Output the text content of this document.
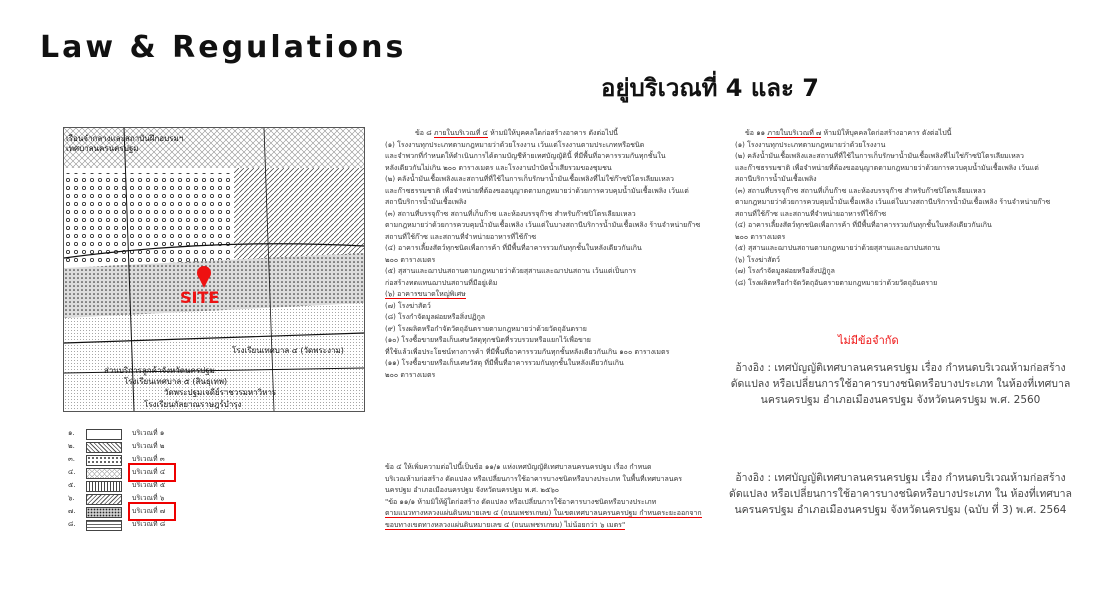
Law & Regulations
อยู่บริเวณที่ 4 และ 7
SITE
เรือนจำกลางและสถาบันฝึกอบรมฯ
เทศบาลนครนครปฐม
โรงเรียนเทศบาล ๔ (วัดพระงาม)
ส่วนบริการลูกค้าจังหวัดนครปฐม
โรงเรียนเทศบาล ๕ (สินธุเทพ)
วัดพระปฐมเจดีย์ราชวรมหาวิหาร
โรงเรียนกัลยาณราษฎร์บำรุง
๑.	บริเวณที่ ๑
๒.	บริเวณที่ ๒
๓.	บริเวณที่ ๓
๔.	บริเวณที่ ๔
๕.	บริเวณที่ ๕
๖.	บริเวณที่ ๖
๗.	บริเวณที่ ๗
๘.	บริเวณที่ ๘

ข้อ ๘ ภายในบริเวณที่ ๔ ห้ามมิให้บุคคลใดก่อสร้างอาคาร ดังต่อไปนี้

(๑) โรงงานทุกประเภทตามกฎหมายว่าด้วยโรงงาน เว้นแต่โรงงานตามประเภทหรือชนิด

และจำพวกที่กำหนดให้ดำเนินการได้ตามบัญชีท้ายเทศบัญญัตินี้ ที่มีพื้นที่อาคารรวมกันทุกชั้นใน

หลังเดียวกันไม่เกิน ๒๐๐ ตารางเมตร และโรงงานบำบัดน้ำเสียรวมของชุมชน

(๒) คลังน้ำมันเชื้อเพลิงและสถานที่ที่ใช้ในการเก็บรักษาน้ำมันเชื้อเพลิงที่ไม่ใช่ก๊าซปิโตรเลียมเหลว

และก๊าซธรรมชาติ เพื่อจำหน่ายที่ต้องขออนุญาตตามกฎหมายว่าด้วยการควบคุมน้ำมันเชื้อเพลิง เว้นแต่

สถานีบริการน้ำมันเชื้อเพลิง

(๓) สถานที่บรรจุก๊าซ สถานที่เก็บก๊าซ และห้องบรรจุก๊าซ สำหรับก๊าซปิโตรเลียมเหลว

ตามกฎหมายว่าด้วยการควบคุมน้ำมันเชื้อเพลิง เว้นแต่ในบางสถานีบริการน้ำมันเชื้อเพลิง ร้านจำหน่ายก๊าซ

สถานที่ใช้ก๊าซ และสถานที่จำหน่ายอาหารที่ใช้ก๊าซ

(๔) อาคารเลี้ยงสัตว์ทุกชนิดเพื่อการค้า ที่มีพื้นที่อาคารรวมกันทุกชั้นในหลังเดียวกันเกิน

๒๐๐ ตารางเมตร

(๕) สุสานและฌาปนสถานตามกฎหมายว่าด้วยสุสานและฌาปนสถาน เว้นแต่เป็นการ

ก่อสร้างทดแทนฌาปนสถานที่มีอยู่เดิม

(๖) อาคารขนาดใหญ่พิเศษ

(๗) โรงฆ่าสัตว์

(๘) โรงกำจัดมูลฝอยหรือสิ่งปฏิกูล

(๙) โรงผลิตหรือกำจัดวัตถุอันตรายตามกฎหมายว่าด้วยวัตถุอันตราย

(๑๐) โรงซื้อขายหรือเก็บเศษวัสดุทุกชนิดที่รวบรวมหรือแยกไว้เพื่อขาย

ที่ใช้แล้วเพื่อประโยชน์ทางการค้า ที่มีพื้นที่อาคารรวมกันทุกชั้นหลังเดียวกันเกิน ๑๐๐ ตารางเมตร

(๑๑) โรงซื้อขายหรือเก็บเศษวัสดุ ที่มีพื้นที่อาคารรวมกันทุกชั้นในหลังเดียวกันเกิน

๒๐๐ ตารางเมตร

ข้อ ๔ ให้เพิ่มความต่อไปนี้เป็นข้อ ๑๑/๑ แห่งเทศบัญญัติเทศบาลนครนครปฐม เรื่อง กำหนด

บริเวณห้ามก่อสร้าง ดัดแปลง หรือเปลี่ยนการใช้อาคารบางชนิดหรือบางประเภท ในพื้นที่เทศบาลนคร

นครปฐม อำเภอเมืองนครปฐม จังหวัดนครปฐม พ.ศ. ๒๕๖๐

"ข้อ ๑๑/๑ ห้ามมิให้ผู้ใดก่อสร้าง ดัดแปลง หรือเปลี่ยนการใช้อาคารบางชนิดหรือบางประเภท

ตามแนวทางหลวงแผ่นดินหมายเลข ๔ (ถนนเพชรเกษม) ในเขตเทศบาลนครนครปฐม กำหนดระยะออกจาก

ขอบทางเขตทางหลวงแผ่นดินหมายเลข ๔ (ถนนเพชรเกษม) ไม่น้อยกว่า ๖ เมตร"

ข้อ ๑๑ ภายในบริเวณที่ ๗ ห้ามมิให้บุคคลใดก่อสร้างอาคาร ดังต่อไปนี้

(๑) โรงงานทุกประเภทตามกฎหมายว่าด้วยโรงงาน

(๒) คลังน้ำมันเชื้อเพลิงและสถานที่ที่ใช้ในการเก็บรักษาน้ำมันเชื้อเพลิงที่ไม่ใช่ก๊าซปิโตรเลียมเหลว

และก๊าซธรรมชาติ เพื่อจำหน่ายที่ต้องขออนุญาตตามกฎหมายว่าด้วยการควบคุมน้ำมันเชื้อเพลิง เว้นแต่

สถานีบริการน้ำมันเชื้อเพลิง

(๓) สถานที่บรรจุก๊าซ สถานที่เก็บก๊าซ และห้องบรรจุก๊าซ สำหรับก๊าซปิโตรเลียมเหลว

ตามกฎหมายว่าด้วยการควบคุมน้ำมันเชื้อเพลิง เว้นแต่ในบางสถานีบริการน้ำมันเชื้อเพลิง ร้านจำหน่ายก๊าซ

สถานที่ใช้ก๊าซ และสถานที่จำหน่ายอาหารที่ใช้ก๊าซ

(๔) อาคารเลี้ยงสัตว์ทุกชนิดเพื่อการค้า ที่มีพื้นที่อาคารรวมกันทุกชั้นในหลังเดียวกันเกิน

๒๐๐ ตารางเมตร

(๕) สุสานและฌาปนสถานตามกฎหมายว่าด้วยสุสานและฌาปนสถาน

(๖) โรงฆ่าสัตว์

(๗) โรงกำจัดมูลฝอยหรือสิ่งปฏิกูล

(๘) โรงผลิตหรือกำจัดวัตถุอันตรายตามกฎหมายว่าด้วยวัตถุอันตราย

ไม่มีข้อจำกัด
อ้างอิง : เทศบัญญัติเทศบาลนครนครปฐม เรื่อง กำหนดบริเวณห้ามก่อสร้าง ดัดแปลง หรือเปลี่ยนการใช้อาคารบางชนิดหรือบางประเภท ในห้องที่เทศบาลนครนครปฐม อำเภอเมืองนครปฐม จังหวัดนครปฐม พ.ศ. 2560
อ้างอิง : เทศบัญญัติเทศบาลนครนครปฐม เรื่อง กำหนดบริเวณห้ามก่อสร้าง ดัดแปลง หรือเปลี่ยนการใช้อาคารบางชนิดหรือบางประเภท ใน ห้องที่เทศบาลนครนครปฐม อำเภอเมืองนครปฐม จังหวัดนครปฐม (ฉบับ ที่ 3) พ.ศ. 2564
